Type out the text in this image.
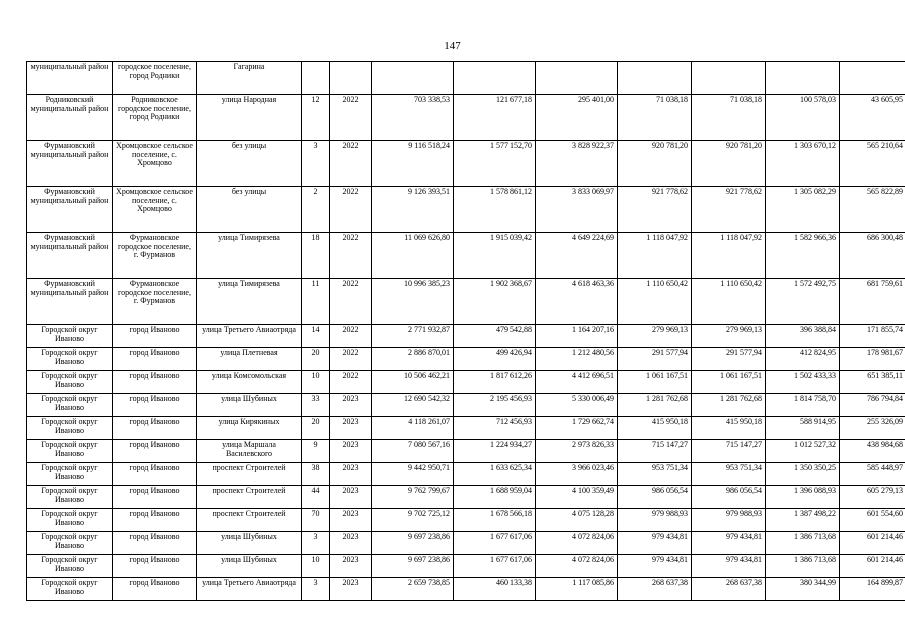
147
муниципальный район	городское поселение, город Родники	Гагарина									
Родниковский муниципальный район	Родниковское городское поселение, город Родники	улица Народная	12	2022	703 338,53	121 677,18	295 401,00	71 038,18	71 038,18	100 578,03	43 605,95
Фурмановский муниципальный район	Хромцовское сельское поселение, с. Хромцово	без улицы	3	2022	9 116 518,24	1 577 152,70	3 828 922,37	920 781,20	920 781,20	1 303 670,12	565 210,64
Фурмановский муниципальный район	Хромцовское сельское поселение, с. Хромцово	без улицы	2	2022	9 126 393,51	1 578 861,12	3 833 069,97	921 778,62	921 778,62	1 305 082,29	565 822,89
Фурмановский муниципальный район	Фурмановское городское поселение, г. Фурманов	улица Тимирязева	18	2022	11 069 626,80	1 915 039,42	4 649 224,69	1 118 047,92	1 118 047,92	1 582 966,36	686 300,48
Фурмановский муниципальный район	Фурмановское городское поселение, г. Фурманов	улица Тимирязева	11	2022	10 996 385,23	1 902 368,67	4 618 463,36	1 110 650,42	1 110 650,42	1 572 492,75	681 759,61
Городской округ Иваново	город Иваново	улица Третьего Авиаотряда	14	2022	2 771 932,87	479 542,88	1 164 207,16	279 969,13	279 969,13	396 388,84	171 855,74
Городской округ Иваново	город Иваново	улица Плетневая	20	2022	2 886 870,01	499 426,94	1 212 480,56	291 577,94	291 577,94	412 824,95	178 981,67
Городской округ Иваново	город Иваново	улица Комсомольская	10	2022	10 506 462,21	1 817 612,26	4 412 696,51	1 061 167,51	1 061 167,51	1 502 433,33	651 385,11
Городской округ Иваново	город Иваново	улица Шубиных	33	2023	12 690 542,32	2 195 456,93	5 330 006,49	1 281 762,68	1 281 762,68	1 814 758,70	786 794,84
Городской округ Иваново	город Иваново	улица Кирякиных	20	2023	4 118 261,07	712 456,93	1 729 662,74	415 950,18	415 950,18	588 914,95	255 326,09
Городской округ Иваново	город Иваново	улица Маршала Василевского	9	2023	7 080 567,16	1 224 934,27	2 973 826,33	715 147,27	715 147,27	1 012 527,32	438 984,68
Городской округ Иваново	город Иваново	проспект Строителей	38	2023	9 442 950,71	1 633 625,34	3 966 023,46	953 751,34	953 751,34	1 350 350,25	585 448,97
Городской округ Иваново	город Иваново	проспект Строителей	44	2023	9 762 799,67	1 688 959,04	4 100 359,49	986 056,54	986 056,54	1 396 088,93	605 279,13
Городской округ Иваново	город Иваново	проспект Строителей	70	2023	9 702 725,12	1 678 566,18	4 075 128,28	979 988,93	979 988,93	1 387 498,22	601 554,60
Городской округ Иваново	город Иваново	улица Шубиных	3	2023	9 697 238,86	1 677 617,06	4 072 824,06	979 434,81	979 434,81	1 386 713,68	601 214,46
Городской округ Иваново	город Иваново	улица Шубиных	10	2023	9 697 238,86	1 677 617,06	4 072 824,06	979 434,81	979 434,81	1 386 713,68	601 214,46
Городской округ Иваново	город Иваново	улица Третьего Авиаотряда	3	2023	2 659 738,85	460 133,38	1 117 085,86	268 637,38	268 637,38	380 344,99	164 899,87
